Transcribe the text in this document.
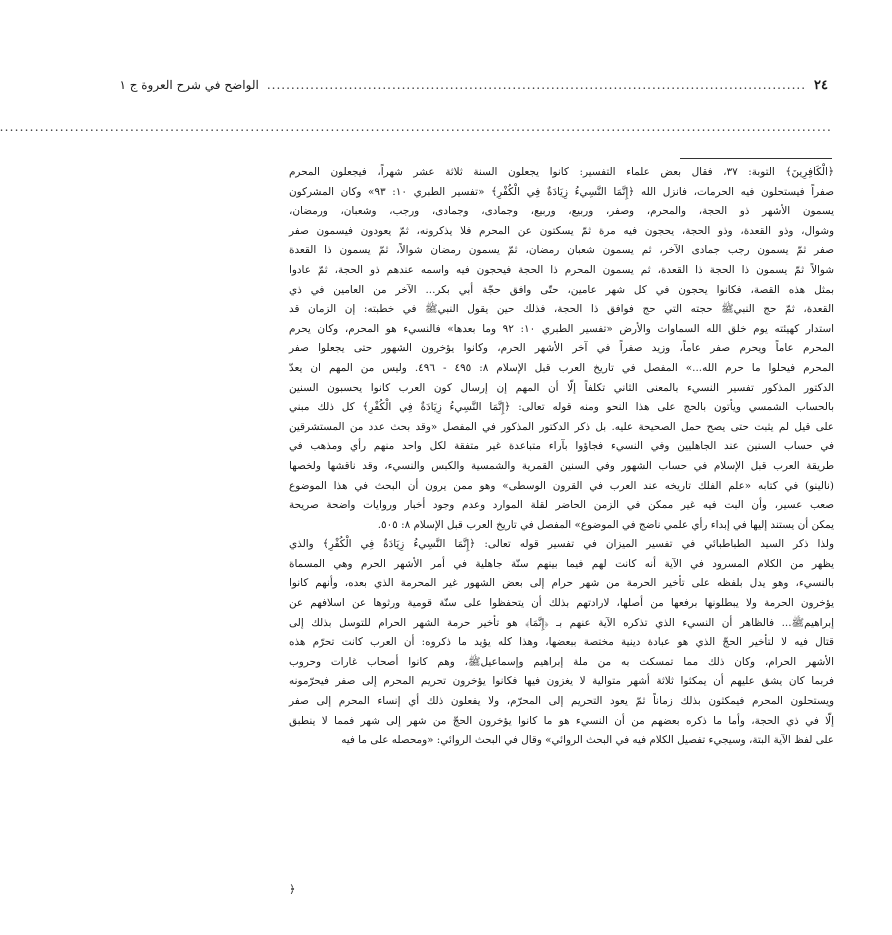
٢٤
................................................................................................................
الواضح في شرح العروة ج ١
......................................................................................................................................................................
﴿الْكَافِرِينَ﴾ التوبة: ٣٧، فقال بعض علماء التفسير: كانوا يجعلون السنة ثلاثة عشر شهراً، فيجعلون المحرم
صفراً فيستحلون فيه الحرمات، فانزل الله ﴿إِنَّمَا النَّسِيءُ زِيَادَةٌ فِي الْكُفْرِ﴾ «تفسير الطبري ١٠: ٩٣» وكان المشركون
يسمون الأشهر ذو الحجة، والمحرم، وصفر، وربيع، وربيع، وجمادى، وجمادى، ورجب، وشعبان، ورمضان،
وشوال، وذو القعدة، وذو الحجة، يحجون فيه مرة ثمّ يسكتون عن المحرم فلا يذكرونه، ثمّ يعودون فيسمون صفر
صفر ثمّ يسمون رجب جمادى الآخر، ثم يسمون شعبان رمضان، ثمّ يسمون رمضان شوالاً، ثمّ يسمون ذا القعدة
شوالاً ثمّ يسمون ذا الحجة ذا القعدة، ثم يسمون المحرم ذا الحجة فيحجون فيه واسمه عندهم ذو الحجة، ثمّ عادوا
بمثل هذه القصة، فكانوا يحجون في كل شهر عامين، حتّى وافق حجّة أبي بكر... الآخر من العامين في ذي
القعدة، ثمّ حج النبيﷺ حجته التي حج فوافق ذا الحجة، فذلك حين يقول النبيﷺ في خطبته: إن الزمان قد
استدار كهيئته يوم خلق الله السماوات والأرض «تفسير الطبري ١٠: ٩٢ وما بعدها» فالنسيء هو المحرم، وكان يحرم
المحرم عاماً ويحرم صفر عاماً، وزيد صفراً في آخر الأشهر الحرم، وكانوا يؤخرون الشهور حتى يجعلوا صفر
المحرم فيحلوا ما حرم الله...» المفصل في تاريخ العرب قبل الإسلام ٨: ٤٩٥ - ٤٩٦. وليس من المهم ان يعدّ
الدكتور المذكور تفسير النسيء بالمعنى الثاني تكلفاً إلّا أن المهم إن إرسال كون العرب كانوا يحسبون السنين
بالحساب الشمسي ويأتون بالحج على هذا النحو ومنه قوله تعالى: ﴿إِنَّمَا النَّسِيءُ زِيَادَةٌ فِي الْكُفْرِ﴾ كل ذلك مبني
على قيل لم يثبت حتى يصح حمل الصحيحة عليه. بل ذكر الدكتور المذكور في المفصل «وقد بحث عدد من المستشرقين
في حساب السنين عند الجاهليين وفي النسيء فجاؤوا بآراء متباعدة غير متفقة لكل واحد منهم رأي ومذهب في
طريقة العرب قبل الإسلام في حساب الشهور وفي السنين القمرية والشمسية والكبس والنسيء، وقد ناقشها ولخصها
(نالينو) في كتابه «علم الفلك تاريخه عند العرب في القرون الوسطى» وهو ممن يرون أن البحث في هذا الموضوع
صعب عسير، وأن البت فيه غير ممكن في الزمن الحاضر لقلة الموارد وعدم وجود أخبار وروايات واضحة صريحة
يمكن أن يستند إليها في إبداء رأي علمي ناضج في الموضوع» المفصل في تاريخ العرب قبل الإسلام ٨: ٥٠٥.
ولذا ذكر السيد الطباطبائي في تفسير الميزان في تفسير قوله تعالى: ﴿إِنَّمَا النَّسِيءُ زِيَادَةٌ فِي الْكُفْرِ﴾ والذي
يظهر من الكلام المسرود في الآية أنه كانت لهم فيما بينهم سنّة جاهلية في أمر الأشهر الحرم وهي المسماة
بالنسيء، وهو يدل بلفظه على تأخير الحرمة من شهر حرام إلى بعض الشهور غير المحرمة الذي بعده، وأنهم كانوا
يؤخرون الحرمة ولا يبطلونها برفعها من أصلها، لارادتهم بذلك أن يتحفظوا على سنّة قومية ورثوها عن اسلافهم عن
إبراهيمﷺ... فالظاهر أن النسيء الذي تذكره الآية عنهم بـ ﴿إِنَّمَا﴾ هو تأخير حرمة الشهر الحرام للتوسل بذلك إلى
قتال فيه لا لتأخير الحجّ الذي هو عبادة دينية مختصة ببعضها، وهذا كله يؤيد ما ذكروه: أن العرب كانت تحرّم هذه
الأشهر الحرام، وكان ذلك مما تمسكت به من ملة إبراهيم وإسماعيلﷺ، وهم كانوا أصحاب غارات وحروب
فربما كان يشق عليهم أن يمكثوا ثلاثة أشهر متوالية لا يغزون فيها فكانوا يؤخرون تحريم المحرم إلى صفر فيحرّمونه
ويستحلون المحرم فيمكثون بذلك زماناً ثمّ يعود التحريم إلى المحرّم، ولا يفعلون ذلك أي إنساء المحرم إلى صفر
إلّا في ذي الحجة، وأما ما ذكره بعضهم من أن النسيء هو ما كانوا يؤخرون الحجّ من شهر إلى شهر فمما لا ينطبق
على لفظ الآية البتة، وسيجيء تفصيل الكلام فيه في البحث الروائي» وقال في البحث الروائي: «ومحصله على ما فيه
﴿
